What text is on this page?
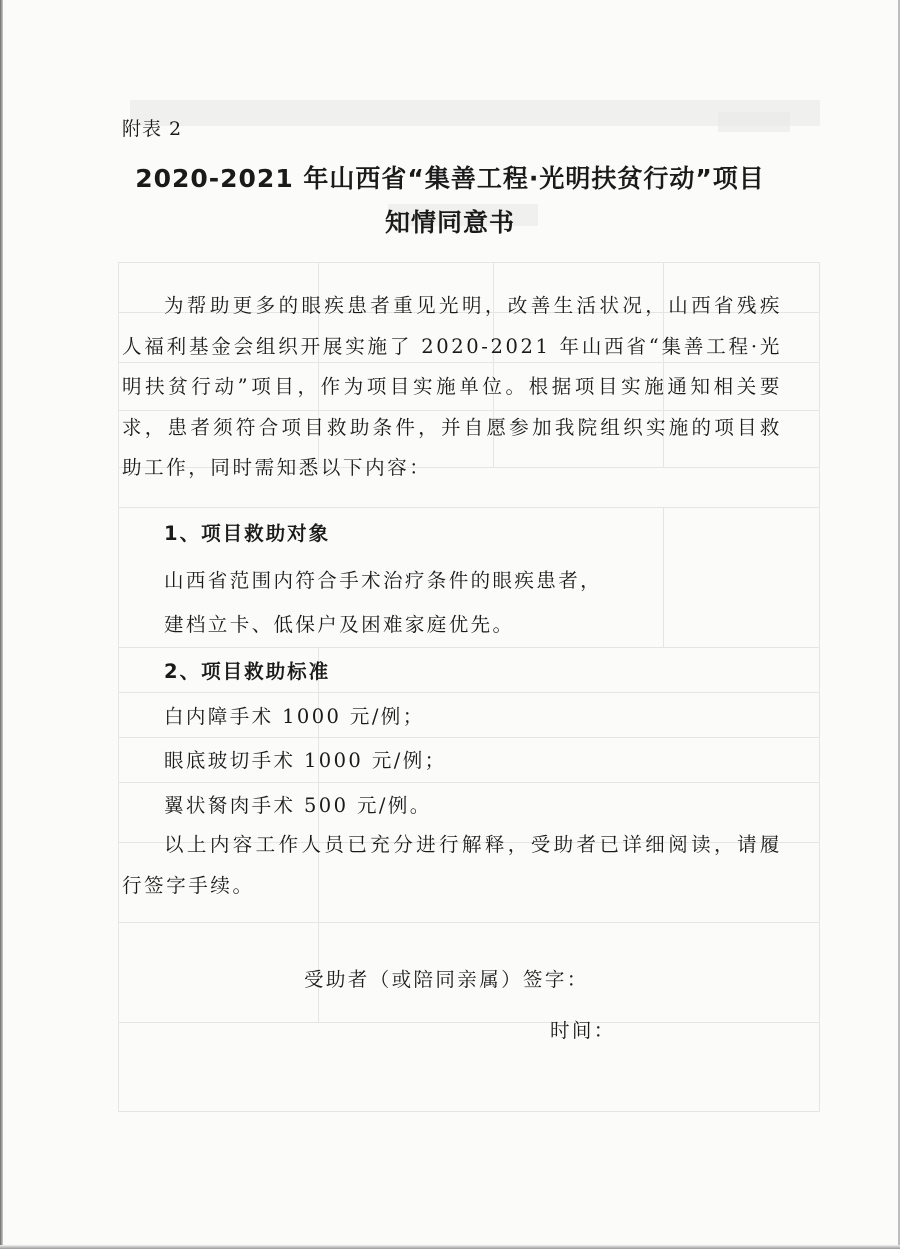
附表 2
2020-2021 年山西省“集善工程·光明扶贫行动”项目
知情同意书
为帮助更多的眼疾患者重见光明，改善生活状况，山西省残疾人福利基金会组织开展实施了 2020-2021 年山西省“集善工程·光明扶贫行动”项目，作为项目实施单位。根据项目实施通知相关要求，患者须符合项目救助条件，并自愿参加我院组织实施的项目救助工作，同时需知悉以下内容：
1、项目救助对象
山西省范围内符合手术治疗条件的眼疾患者，
建档立卡、低保户及困难家庭优先。
2、项目救助标准
白内障手术 1000 元/例；
眼底玻切手术 1000 元/例；
翼状胬肉手术 500 元/例。
以上内容工作人员已充分进行解释，受助者已详细阅读，请履行签字手续。
受助者（或陪同亲属）签字：
时间：
